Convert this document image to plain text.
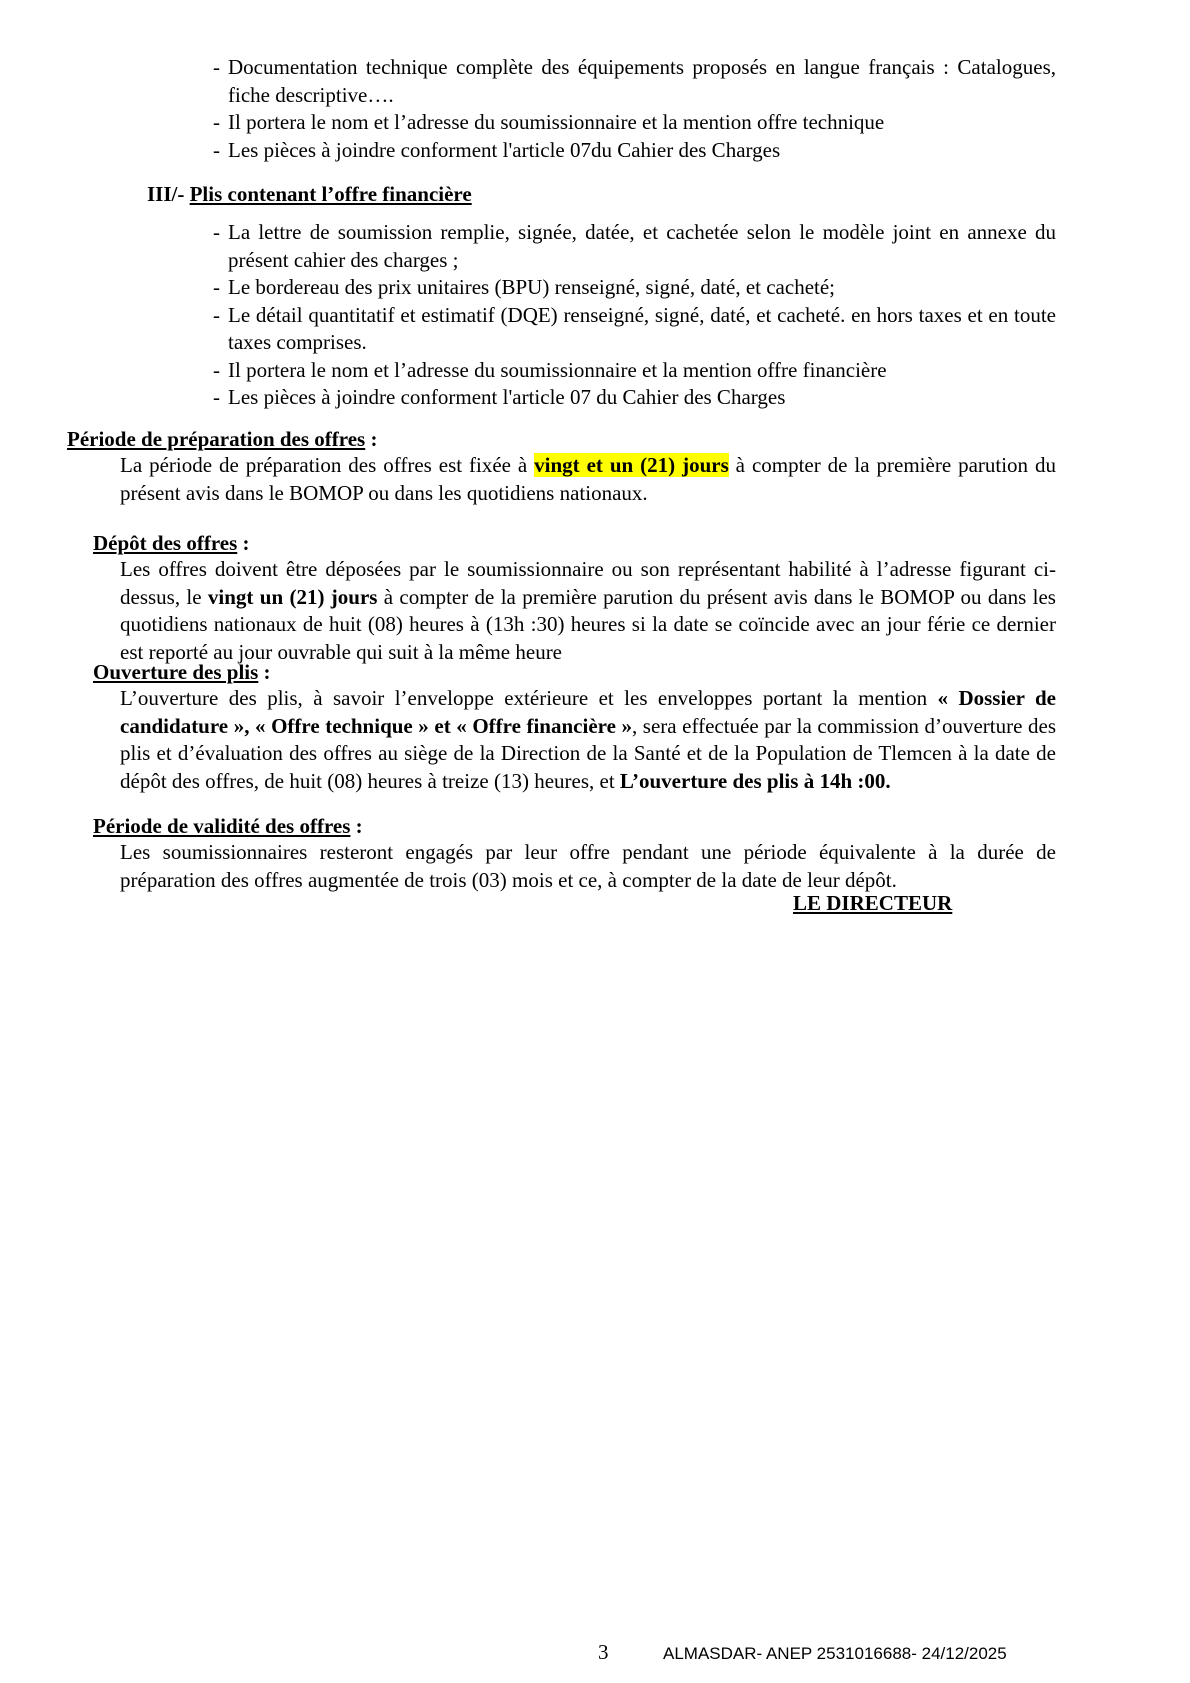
- Documentation technique complète des équipements proposés en langue français : Catalogues, fiche descriptive….
- Il portera le nom et l’adresse du soumissionnaire et la mention offre technique
- Les pièces à joindre conforment l'article 07du Cahier des Charges
III/- Plis contenant l’offre financière
- La lettre de soumission remplie, signée, datée, et cachetée selon le modèle joint en annexe du présent cahier des charges ;
- Le bordereau des prix unitaires (BPU) renseigné, signé, daté, et cacheté;
- Le détail quantitatif et estimatif (DQE) renseigné, signé, daté, et cacheté. en hors taxes et en toute taxes comprises.
- Il portera le nom et l’adresse du soumissionnaire et la mention offre financière
- Les pièces à joindre conforment l'article 07 du Cahier des Charges
Période de préparation des offres :

La période de préparation des offres est fixée à vingt et un (21) jours à compter de la première parution du présent avis dans le BOMOP ou dans les quotidiens nationaux.

Dépôt des offres :

Les offres doivent être déposées par le soumissionnaire ou son représentant habilité à l’adresse figurant ci-dessus, le vingt un (21) jours à compter de la première parution du présent avis dans le BOMOP ou dans les quotidiens nationaux de huit (08) heures à (13h :30) heures si la date se coïncide avec an jour férie ce dernier est reporté au jour ouvrable qui suit à la même heure

Ouverture des plis :

L’ouverture des plis, à savoir l’enveloppe extérieure et les enveloppes portant la mention « Dossier de candidature », « Offre technique » et « Offre financière », sera effectuée par la commission d’ouverture des plis et d’évaluation des offres au siège de la Direction de la Santé et de la Population de Tlemcen à la date de dépôt des offres, de huit (08) heures à treize (13) heures, et L’ouverture des plis à 14h :00.

Période de validité des offres :

Les soumissionnaires resteront engagés par leur offre pendant une période équivalente à la durée de préparation des offres augmentée de trois (03) mois et ce, à compter de la date de leur dépôt.

LE DIRECTEUR
3	ALMASDAR- ANEP 2531016688- 24/12/2025
